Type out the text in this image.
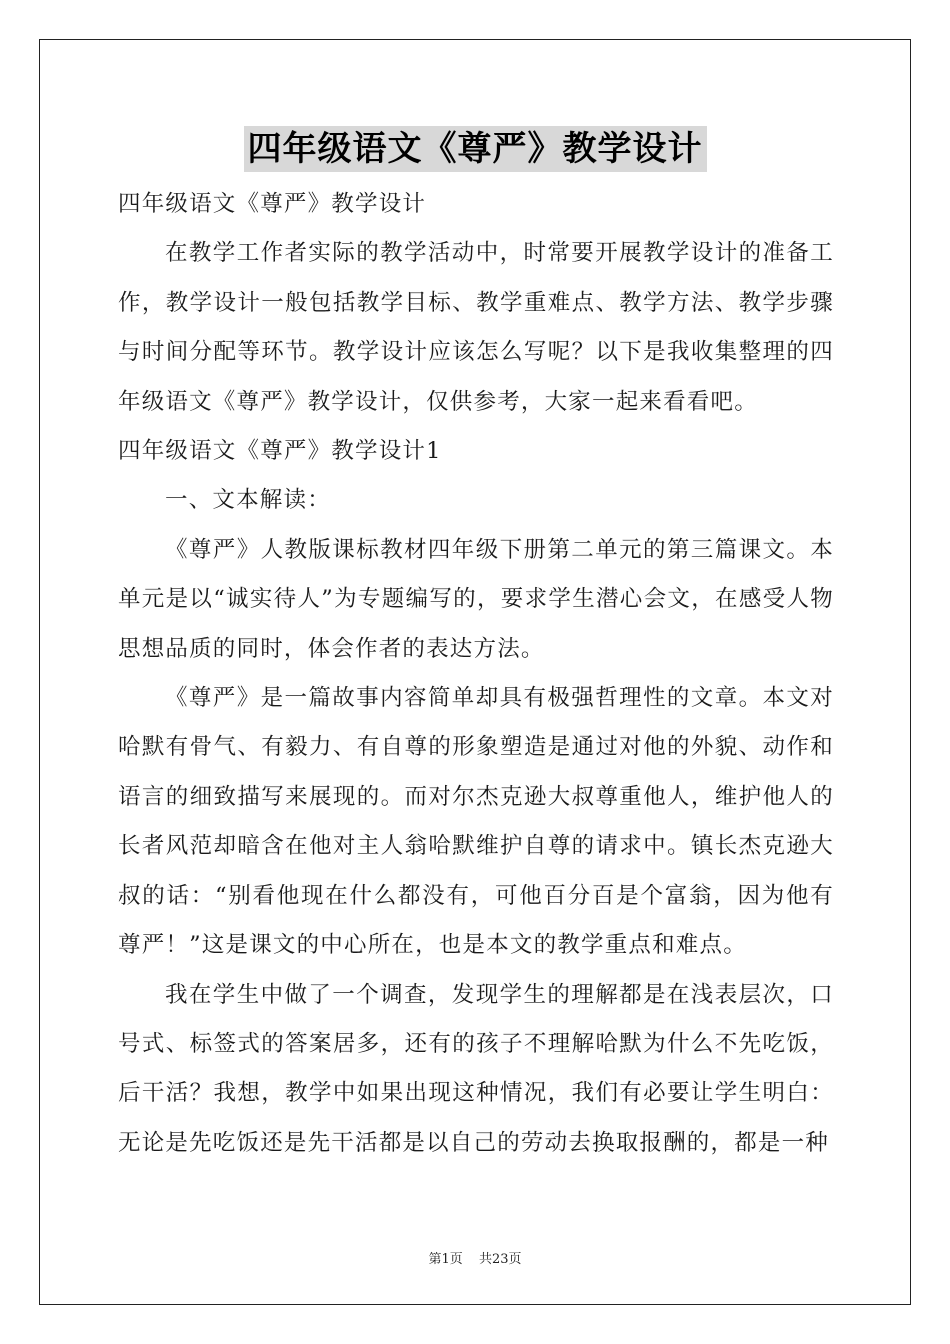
四年级语文《尊严》教学设计

四年级语文《尊严》教学设计

在教学工作者实际的教学活动中，时常要开展教学设计的准备工作，教学设计一般包括教学目标、教学重难点、教学方法、教学步骤与时间分配等环节。教学设计应该怎么写呢？以下是我收集整理的四年级语文《尊严》教学设计，仅供参考，大家一起来看看吧。

四年级语文《尊严》教学设计1

一、文本解读：

《尊严》人教版课标教材四年级下册第二单元的第三篇课文。本单元是以“诚实待人”为专题编写的，要求学生潜心会文，在感受人物思想品质的同时，体会作者的表达方法。

《尊严》是一篇故事内容简单却具有极强哲理性的文章。本文对哈默有骨气、有毅力、有自尊的形象塑造是通过对他的外貌、动作和语言的细致描写来展现的。而对尔杰克逊大叔尊重他人，维护他人的长者风范却暗含在他对主人翁哈默维护自尊的请求中。镇长杰克逊大叔的话：“别看他现在什么都没有，可他百分百是个富翁，因为他有尊严！”这是课文的中心所在，也是本文的教学重点和难点。

我在学生中做了一个调查，发现学生的理解都是在浅表层次，口号式、标签式的答案居多，还有的孩子不理解哈默为什么不先吃饭，后干活？我想，教学中如果出现这种情况，我们有必要让学生明白：无论是先吃饭还是先干活都是以自己的劳动去换取报酬的，都是一种

第1页 共23页
